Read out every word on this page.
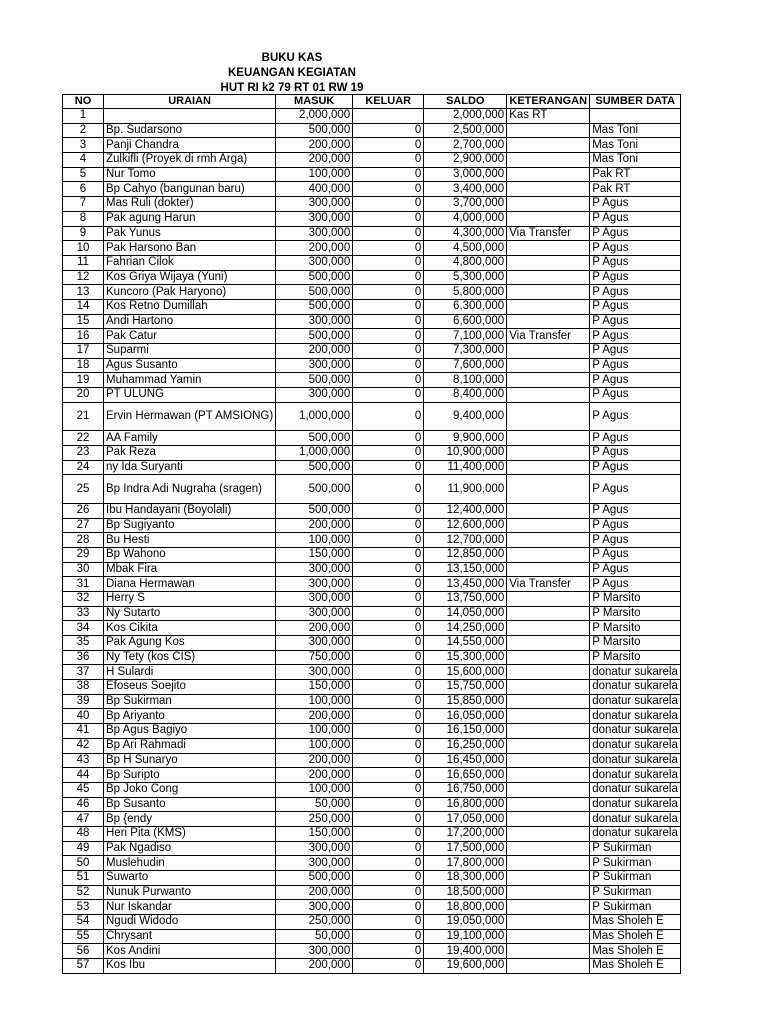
BUKU KAS
KEUANGAN KEGIATAN
HUT RI k2 79 RT 01 RW 19
NO	URAIAN	MASUK	KELUAR	SALDO	KETERANGAN	SUMBER DATA
1		2,000,000		2,000,000	Kas RT	
2	Bp. Sudarsono	500,000	0	2,500,000		Mas Toni
3	Panji Chandra	200,000	0	2,700,000		Mas Toni
4	Zulkifli (Proyek di rmh Arga)	200,000	0	2,900,000		Mas Toni
5	Nur Tomo	100,000	0	3,000,000		Pak RT
6	Bp Cahyo (bangunan baru)	400,000	0	3,400,000		Pak RT
7	Mas Ruli (dokter)	300,000	0	3,700,000		P Agus
8	Pak agung Harun	300,000	0	4,000,000		P Agus
9	Pak Yunus	300,000	0	4,300,000	Via Transfer	P Agus
10	Pak Harsono Ban	200,000	0	4,500,000		P Agus
11	Fahrian Cilok	300,000	0	4,800,000		P Agus
12	Kos Griya Wijaya (Yuni)	500,000	0	5,300,000		P Agus
13	Kuncoro (Pak Haryono)	500,000	0	5,800,000		P Agus
14	Kos Retno Dumillah	500,000	0	6,300,000		P Agus
15	Andi Hartono	300,000	0	6,600,000		P Agus
16	Pak Catur	500,000	0	7,100,000	Via Transfer	P Agus
17	Suparmi	200,000	0	7,300,000		P Agus
18	Agus Susanto	300,000	0	7,600,000		P Agus
19	Muhammad Yamin	500,000	0	8,100,000		P Agus
20	PT ULUNG	300,000	0	8,400,000		P Agus
21	Ervin Hermawan (PT AMSIONG)	1,000,000	0	9,400,000		P Agus
22	AA Family	500,000	0	9,900,000		P Agus
23	Pak Reza	1,000,000	0	10,900,000		P Agus
24	ny Ida Suryanti	500,000	0	11,400,000		P Agus
25	Bp Indra Adi Nugraha (sragen)	500,000	0	11,900,000		P Agus
26	Ibu Handayani (Boyolali)	500,000	0	12,400,000		P Agus
27	Bp Sugiyanto	200,000	0	12,600,000		P Agus
28	Bu Hesti	100,000	0	12,700,000		P Agus
29	Bp Wahono	150,000	0	12,850,000		P Agus
30	Mbak Fira	300,000	0	13,150,000		P Agus
31	Diana Hermawan	300,000	0	13,450,000	Via Transfer	P Agus
32	Herry S	300,000	0	13,750,000		P Marsito
33	Ny Sutarto	300,000	0	14,050,000		P Marsito
34	Kos Cikita	200,000	0	14,250,000		P Marsito
35	Pak Agung Kos	300,000	0	14,550,000		P Marsito
36	Ny Tety (kos CIS)	750,000	0	15,300,000		P Marsito
37	H Sulardi	300,000	0	15,600,000		donatur sukarela
38	Efoseus Soejito	150,000	0	15,750,000		donatur sukarela
39	Bp Sukirman	100,000	0	15,850,000		donatur sukarela
40	Bp Ariyanto	200,000	0	16,050,000		donatur sukarela
41	Bp Agus Bagiyo	100,000	0	16,150,000		donatur sukarela
42	Bp Ari Rahmadi	100,000	0	16,250,000		donatur sukarela
43	Bp H Sunaryo	200,000	0	16,450,000		donatur sukarela
44	Bp Suripto	200,000	0	16,650,000		donatur sukarela
45	Bp Joko Cong	100,000	0	16,750,000		donatur sukarela
46	Bp Susanto	50,000	0	16,800,000		donatur sukarela
47	Bp {endy	250,000	0	17,050,000		donatur sukarela
48	Heri Pita (KMS)	150,000	0	17,200,000		donatur sukarela
49	Pak Ngadiso	300,000	0	17,500,000		P Sukirman
50	Muslehudin	300,000	0	17,800,000		P Sukirman
51	Suwarto	500,000	0	18,300,000		P Sukirman
52	Nunuk Purwanto	200,000	0	18,500,000		P Sukirman
53	Nur Iskandar	300,000	0	18,800,000		P Sukirman
54	Ngudi Widodo	250,000	0	19,050,000		Mas Sholeh E
55	Chrysant	50,000	0	19,100,000		Mas Sholeh E
56	Kos Andini	300,000	0	19,400,000		Mas Sholeh E
57	Kos Ibu	200,000	0	19,600,000		Mas Sholeh E
